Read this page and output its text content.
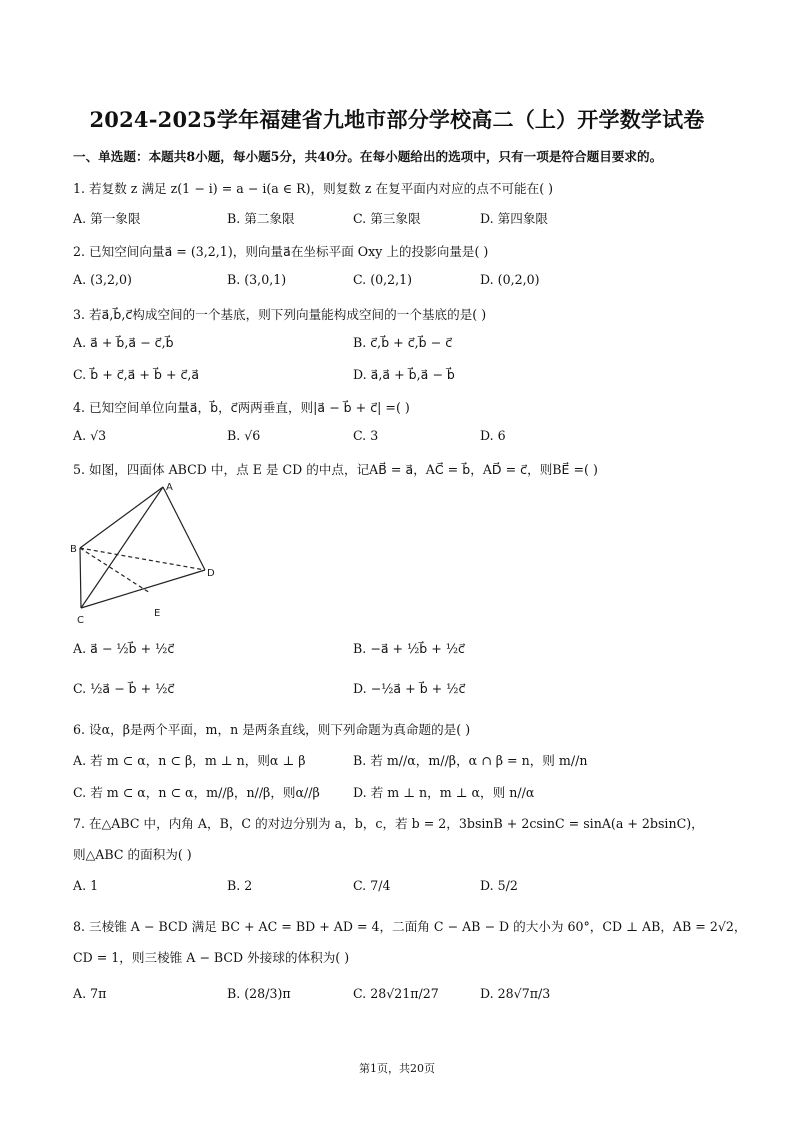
2024-2025学年福建省九地市部分学校高二（上）开学数学试卷
一、单选题：本题共8小题，每小题5分，共40分。在每小题给出的选项中，只有一项是符合题目要求的。
1. 若复数 z 满足 z(1 − i) = a − i(a ∈ R)，则复数 z 在复平面内对应的点不可能在( )
A. 第一象限	B. 第二象限	C. 第三象限	D. 第四象限
2. 已知空间向量a⃗ = (3,2,1)，则向量a⃗在坐标平面 Oxy 上的投影向量是( )
A. (3,2,0)	B. (3,0,1)	C. (0,2,1)	D. (0,2,0)
3. 若a⃗,b⃗,c⃗构成空间的一个基底，则下列向量能构成空间的一个基底的是( )
A. a⃗ + b⃗,a⃗ − c⃗,b⃗	B. c⃗,b⃗ + c⃗,b⃗ − c⃗
C. b⃗ + c⃗,a⃗ + b⃗ + c⃗,a⃗	D. a⃗,a⃗ + b⃗,a⃗ − b⃗
4. 已知空间单位向量a⃗，b⃗，c⃗两两垂直，则|a⃗ − b⃗ + c⃗| =( )
A. √3	B. √6	C. 3	D. 6
5. 如图，四面体 ABCD 中，点 E 是 CD 的中点，记AB⃗ = a⃗，AC⃗ = b⃗，AD⃗ = c⃗，则BE⃗ =( )
A
B
C
D
E
A. a⃗ − ½b⃗ + ½c⃗	B. −a⃗ + ½b⃗ + ½c⃗
C. ½a⃗ − b⃗ + ½c⃗	D. −½a⃗ + b⃗ + ½c⃗
6. 设α，β是两个平面，m，n 是两条直线，则下列命题为真命题的是( )
A. 若 m ⊂ α，n ⊂ β，m ⊥ n，则α ⊥ β	B. 若 m//α，m//β，α ∩ β = n，则 m//n
C. 若 m ⊂ α，n ⊂ α，m//β，n//β，则α//β	D. 若 m ⊥ n，m ⊥ α，则 n//α
7. 在△ABC 中，内角 A，B，C 的对边分别为 a，b，c，若 b = 2，3bsinB + 2csinC = sinA(a + 2bsinC)，
则△ABC 的面积为( )
A. 1	B. 2	C. 7/4	D. 5/2
8. 三棱锥 A − BCD 满足 BC + AC = BD + AD = 4，二面角 C − AB − D 的大小为 60°，CD ⊥ AB，AB = 2√2，
CD = 1，则三棱锥 A − BCD 外接球的体积为( )
A. 7π	B. (28/3)π	C. 28√21π/27	D. 28√7π/3
第1页，共20页
